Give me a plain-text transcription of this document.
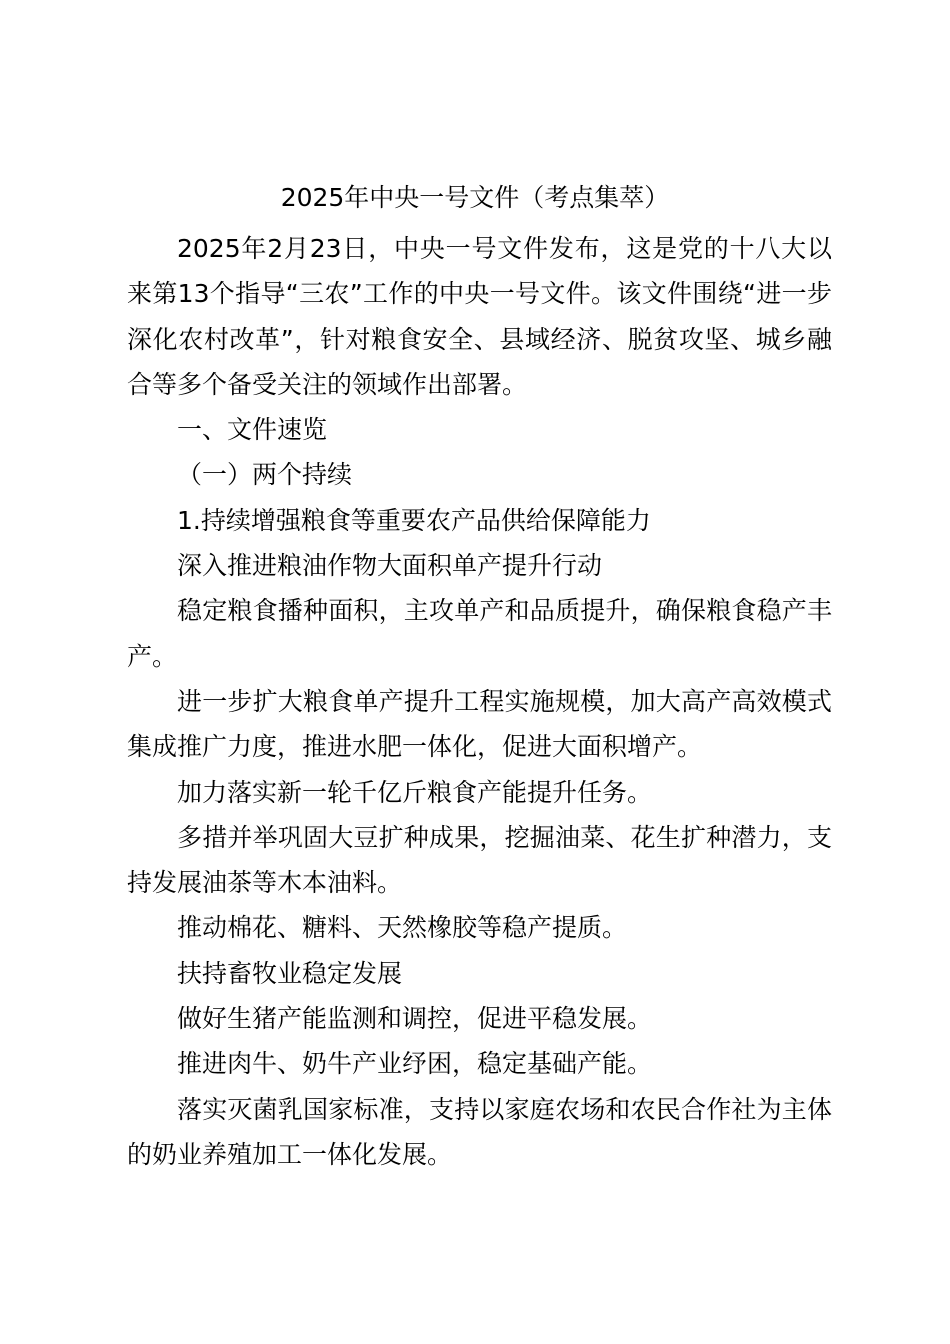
2025年中央一号文件（考点集萃）

2025年2月23日，中央一号文件发布，这是党的十八大以来第13个指导“三农”工作的中央一号文件。该文件围绕“进一步深化农村改革”，针对粮食安全、县域经济、脱贫攻坚、城乡融合等多个备受关注的领域作出部署。

一、文件速览

（一）两个持续

1.持续增强粮食等重要农产品供给保障能力

深入推进粮油作物大面积单产提升行动

稳定粮食播种面积，主攻单产和品质提升，确保粮食稳产丰产。

进一步扩大粮食单产提升工程实施规模，加大高产高效模式集成推广力度，推进水肥一体化，促进大面积增产。

加力落实新一轮千亿斤粮食产能提升任务。

多措并举巩固大豆扩种成果，挖掘油菜、花生扩种潜力，支持发展油茶等木本油料。

推动棉花、糖料、天然橡胶等稳产提质。

扶持畜牧业稳定发展

做好生猪产能监测和调控，促进平稳发展。

推进肉牛、奶牛产业纾困，稳定基础产能。

落实灭菌乳国家标准，支持以家庭农场和农民合作社为主体的奶业养殖加工一体化发展。
